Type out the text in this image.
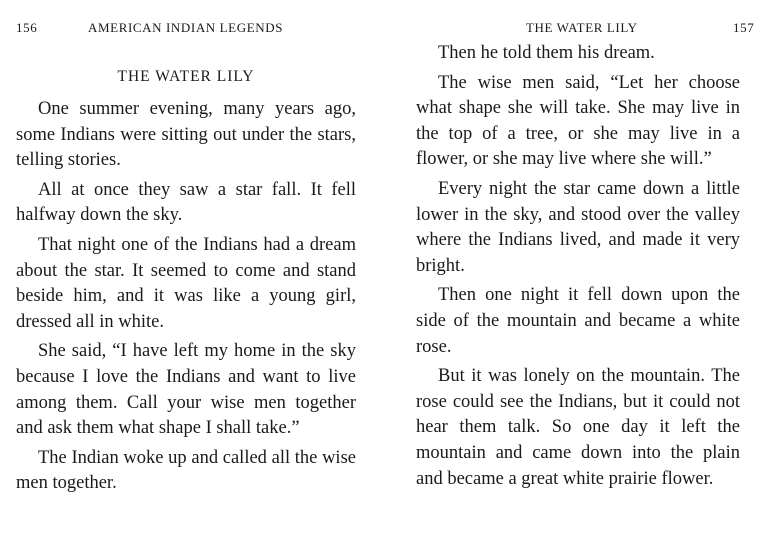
156	AMERICAN INDIAN LEGENDS
THE WATER LILY

One summer evening, many years ago, some Indians were sitting out under the stars, telling stories.

All at once they saw a star fall. It fell halfway down the sky.

That night one of the Indians had a dream about the star. It seemed to come and stand beside him, and it was like a young girl, dressed all in white.

She said, “I have left my home in the sky because I love the Indians and want to live among them. Call your wise men together and ask them what shape I shall take.”

The Indian woke up and called all the wise men together.

THE WATER LILY	157

Then he told them his dream.

The wise men said, “Let her choose what shape she will take. She may live in the top of a tree, or she may live in a flower, or she may live where she will.”

Every night the star came down a little lower in the sky, and stood over the valley where the Indians lived, and made it very bright.

Then one night it fell down upon the side of the mountain and became a white rose.

But it was lonely on the mountain. The rose could see the Indians, but it could not hear them talk. So one day it left the mountain and came down into the plain and became a great white prairie flower.
